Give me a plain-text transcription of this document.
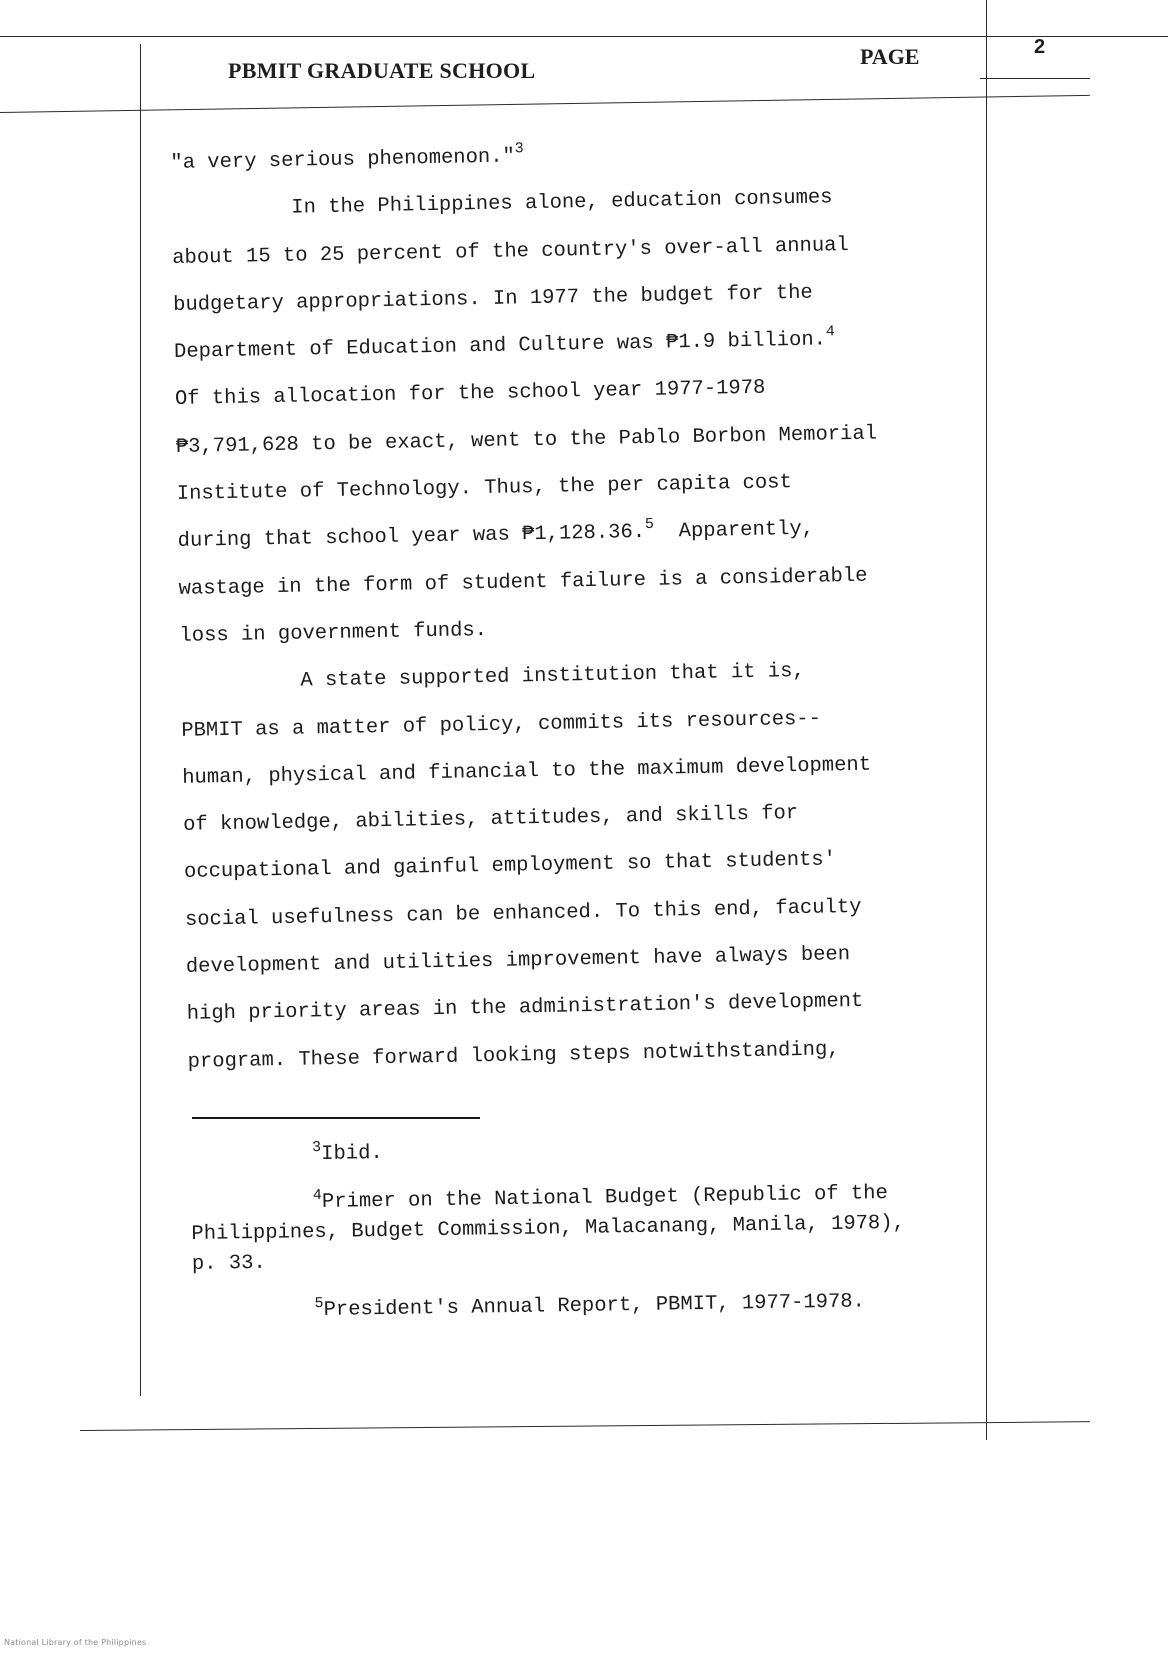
PBMIT GRADUATE SCHOOL
PAGE	2
"a very serious phenomenon."$^3$
In the Philippines alone, education consumes
about 15 to 25 percent of the country's over-all annual
budgetary appropriations. In 1977 the budget for the
Department of Education and Culture was ₱1.9 billion.$^4$
Of this allocation for the school year 1977-1978
₱3,791,628 to be exact, went to the Pablo Borbon Memorial
Institute of Technology. Thus, the per capita cost
during that school year was ₱1,128.36.$^5$ Apparently,
wastage in the form of student failure is a considerable
loss in government funds.
A state supported institution that it is,
PBMIT as a matter of policy, commits its resources--
human, physical and financial to the maximum development
of knowledge, abilities, attitudes, and skills for
occupational and gainful employment so that students'
social usefulness can be enhanced. To this end, faculty
development and utilities improvement have always been
high priority areas in the administration's development
program. These forward looking steps notwithstanding,
$^3$Ibid.
$^4$Primer on the National Budget (Republic of the
Philippines, Budget Commission, Malacanang, Manila, 1978),
p. 33.
$^5$President's Annual Report, PBMIT, 1977-1978.
National Library of the Philippines
